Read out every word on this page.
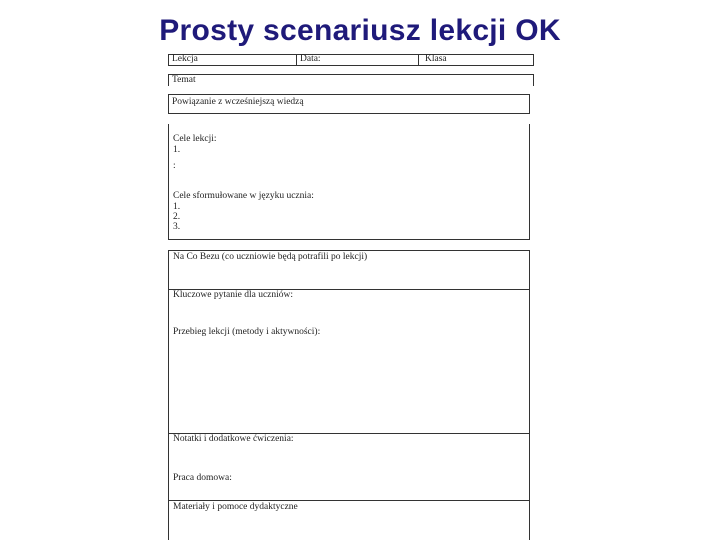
Prosty scenariusz lekcji OK
Lekcja	Data:	Klasa
Temat
Powiązanie z wcześniejszą wiedzą
Cele lekcji:
1.
:
Cele sformułowane w języku ucznia:
1.
2.
3.
Na Co Bezu (co uczniowie będą potrafili po lekcji)
Kluczowe pytanie dla uczniów:
Przebieg lekcji (metody i aktywności):
Notatki i dodatkowe ćwiczenia:
Praca domowa:
Materiały i pomoce dydaktyczne
